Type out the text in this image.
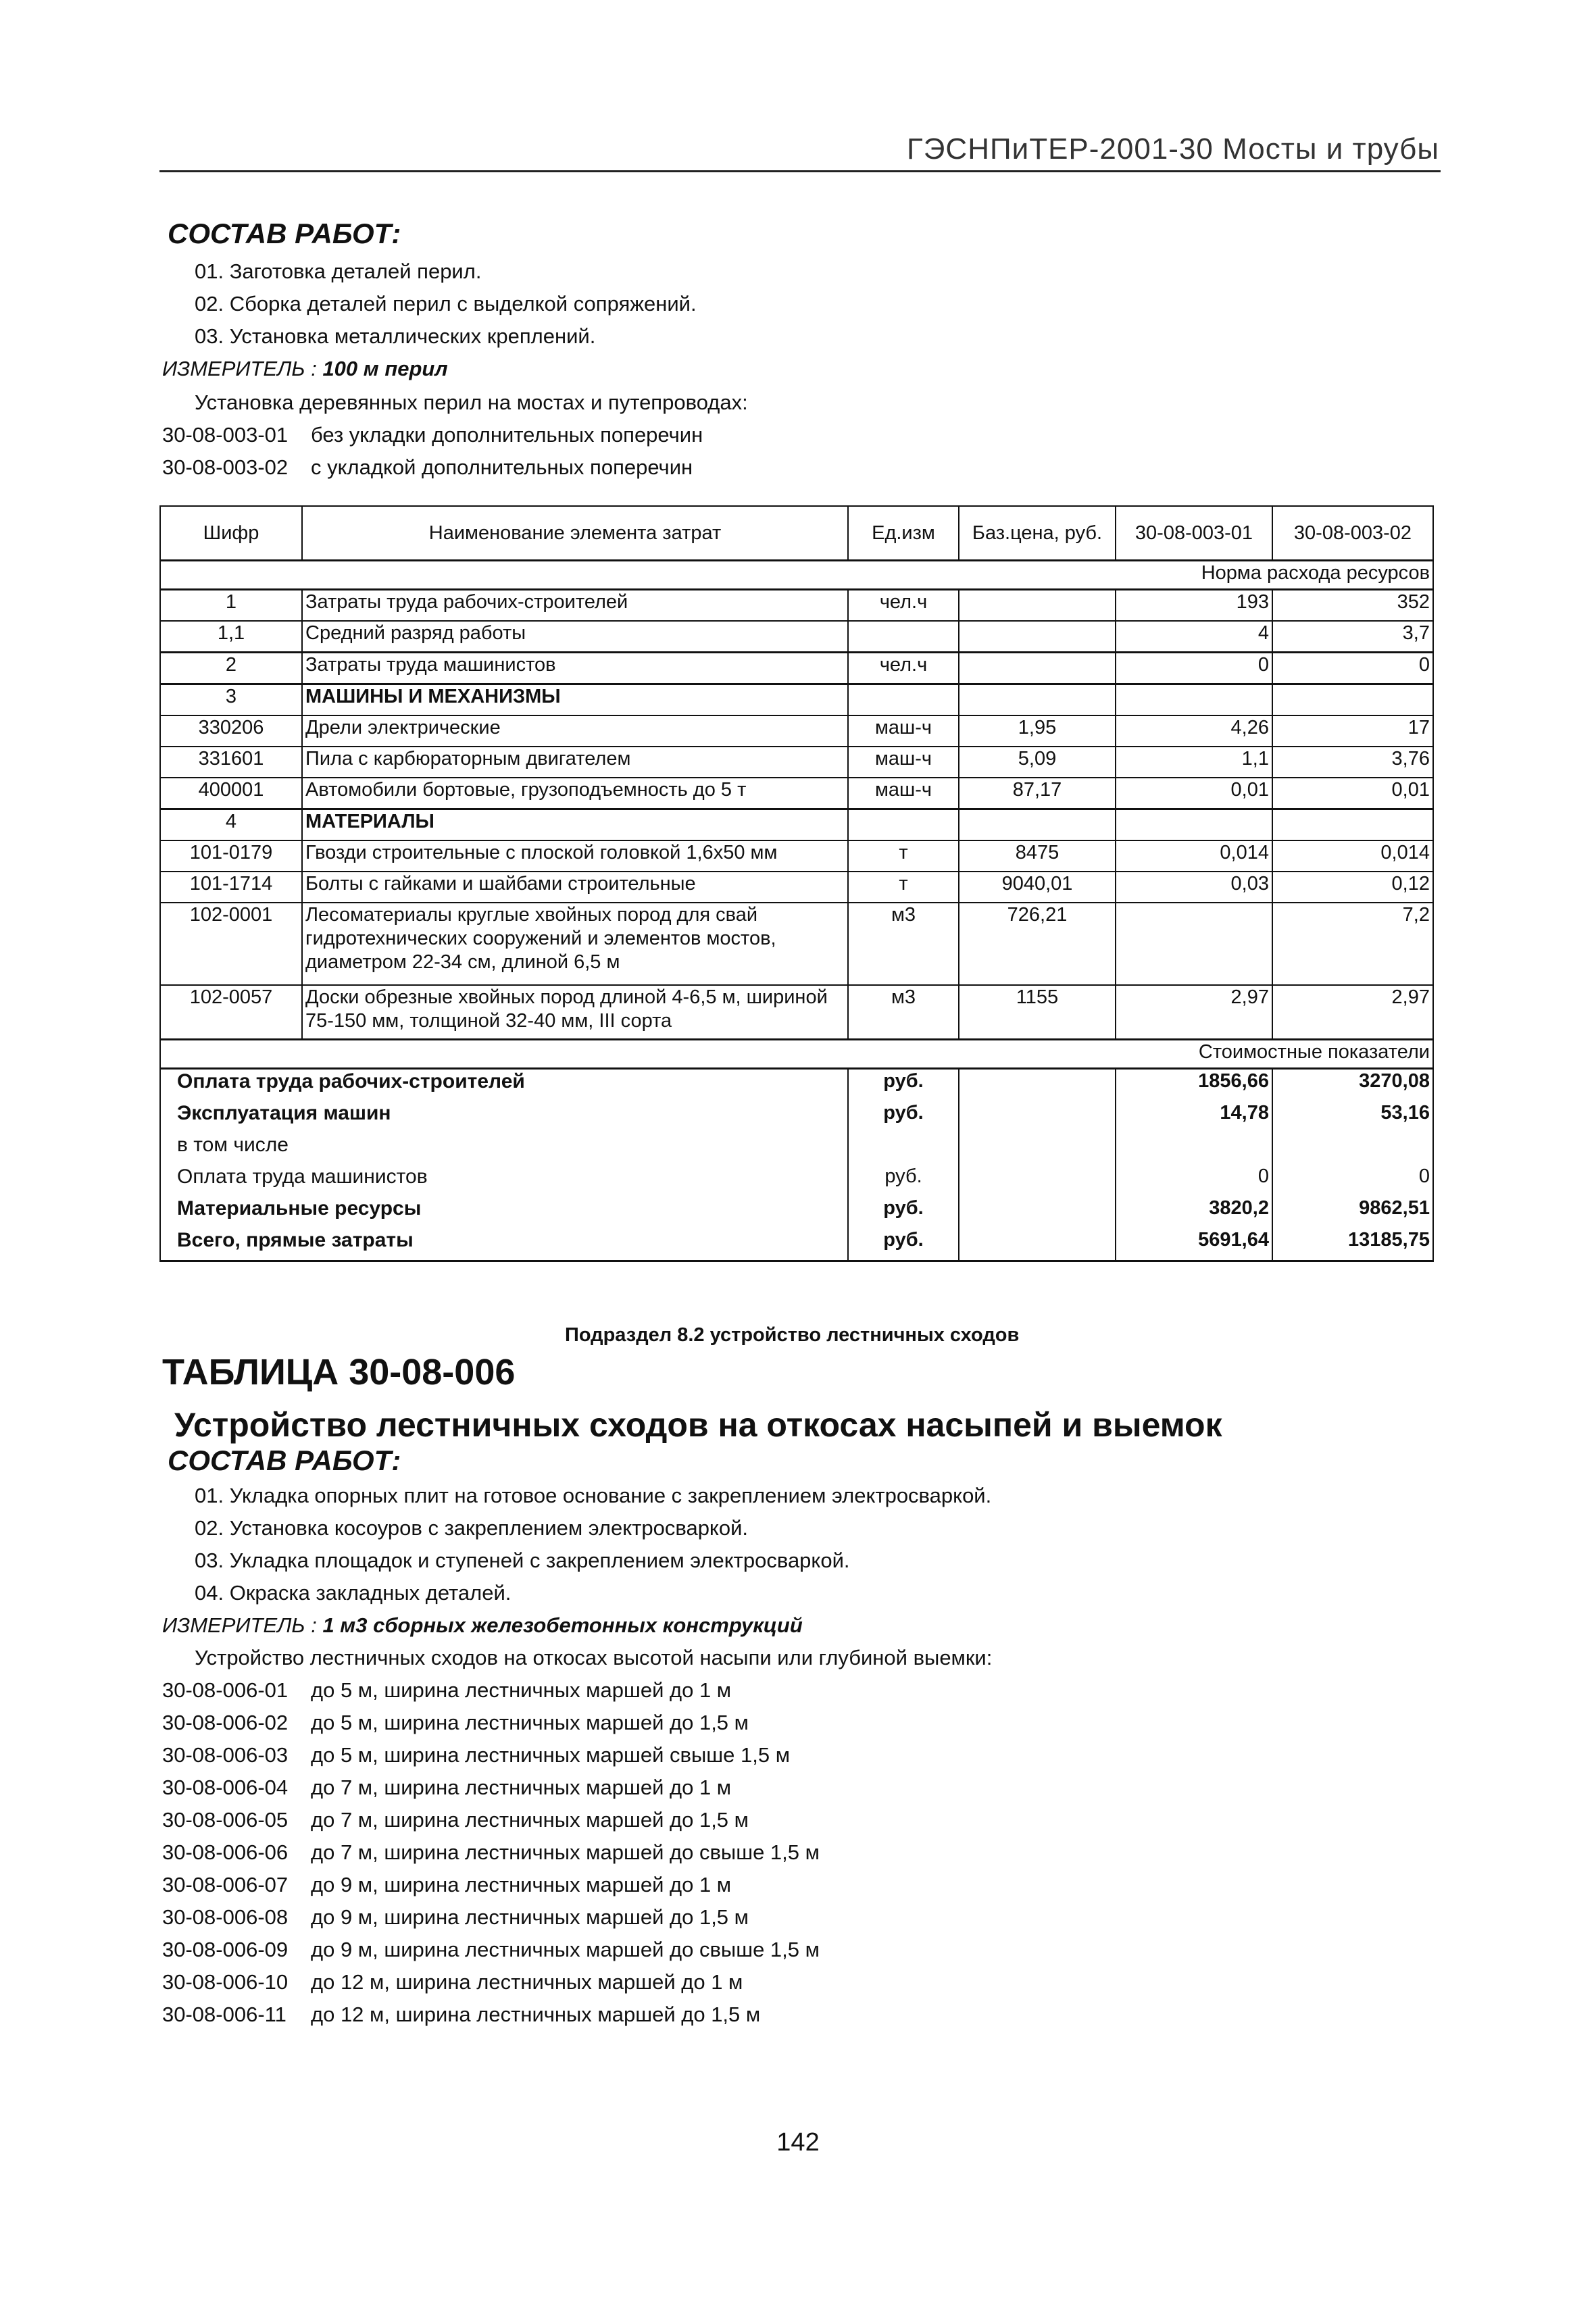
ГЭСНПиТЕР-2001-30 Мосты и трубы
СОСТАВ РАБОТ:
01. Заготовка деталей перил.
02. Сборка деталей перил с выделкой сопряжений.
03. Установка металлических креплений.
ИЗМЕРИТЕЛЬ : 100 м перил
Установка деревянных перил на мостах и путепроводах:
30-08-003-01 без укладки дополнительных поперечин
30-08-003-02 с укладкой дополнительных поперечин
Шифр	Наименование элемента затрат	Ед.изм	Баз.цена, руб.	30-08-003-01	30-08-003-02
Норма расхода ресурсов					
1	Затраты труда рабочих-строителей	чел.ч		193	352
1,1	Средний разряд работы			4	3,7
2	Затраты труда машинистов	чел.ч		0	0
3	МАШИНЫ И МЕХАНИЗМЫ				
330206	Дрели электрические	маш-ч	1,95	4,26	17
331601	Пила с карбюраторным двигателем	маш-ч	5,09	1,1	3,76
400001	Автомобили бортовые, грузоподъемность до 5 т	маш-ч	87,17	0,01	0,01
4	МАТЕРИАЛЫ				
101-0179	Гвозди строительные с плоской головкой 1,6х50 мм	т	8475	0,014	0,014
101-1714	Болты с гайками и шайбами строительные	т	9040,01	0,03	0,12
102-0001	Лесоматериалы круглые хвойных пород для свай гидротехнических сооружений и элементов мостов, диаметром 22-34 см, длиной 6,5 м	м3	726,21		7,2
102-0057	Доски обрезные хвойных пород длиной 4-6,5 м, шириной 75-150 мм, толщиной 32-40 мм, III сорта	м3	1155	2,97	2,97
Стоимостные показатели					
Оплата труда рабочих-строителей		руб.		1856,66	3270,08
Эксплуатация машин		руб.		14,78	53,16
в том числе					
Оплата труда машинистов		руб.		0	0
Материальные ресурсы		руб.		3820,2	9862,51
Всего, прямые затраты		руб.		5691,64	13185,75
Подраздел 8.2 устройство лестничных сходов
ТАБЛИЦА 30-08-006
Устройство лестничных сходов на откосах насыпей и выемок
СОСТАВ РАБОТ:
01. Укладка опорных плит на готовое основание с закреплением электросваркой.
02. Установка косоуров с закреплением электросваркой.
03. Укладка площадок и ступеней с закреплением электросваркой.
04. Окраска закладных деталей.
ИЗМЕРИТЕЛЬ : 1 м3 сборных железобетонных конструкций
Устройство лестничных сходов на откосах высотой насыпи или глубиной выемки:
30-08-006-01 до 5 м, ширина лестничных маршей до 1 м
30-08-006-02 до 5 м, ширина лестничных маршей до 1,5 м
30-08-006-03 до 5 м, ширина лестничных маршей свыше 1,5 м
30-08-006-04 до 7 м, ширина лестничных маршей до 1 м
30-08-006-05 до 7 м, ширина лестничных маршей до 1,5 м
30-08-006-06 до 7 м, ширина лестничных маршей до свыше 1,5 м
30-08-006-07 до 9 м, ширина лестничных маршей до 1 м
30-08-006-08 до 9 м, ширина лестничных маршей до 1,5 м
30-08-006-09 до 9 м, ширина лестничных маршей до свыше 1,5 м
30-08-006-10 до 12 м, ширина лестничных маршей до 1 м
30-08-006-11 до 12 м, ширина лестничных маршей до 1,5 м
142
